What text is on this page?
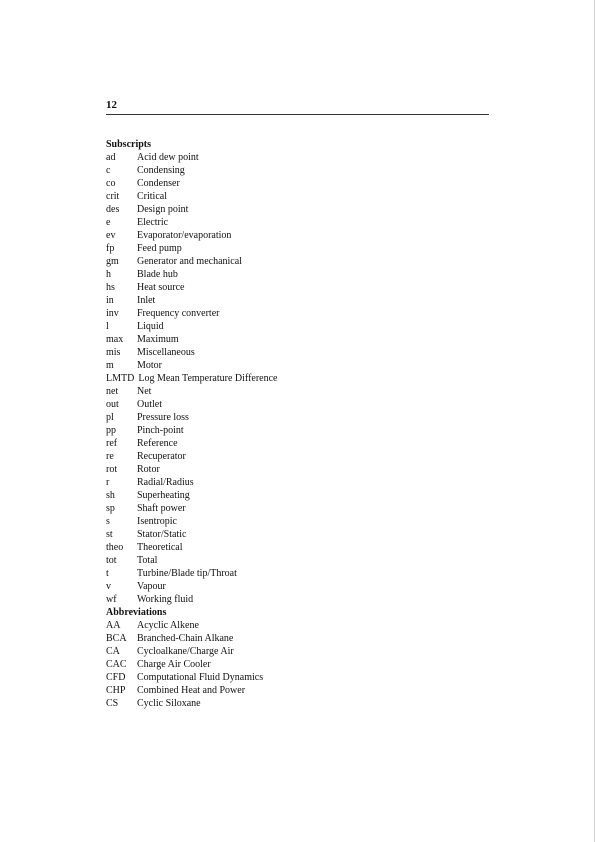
12
Subscripts
ad Acid dew point
c	Condensing
co Condenser
crit Critical
des Design point
e	Electric
ev Evaporator/evaporation
fp Feed pump
gm Generator and mechanical
h	Blade hub
hs Heat source
in Inlet
inv Frequency converter
l	Liquid
max Maximum
mis Miscellaneous
m Motor
LMTD Log Mean Temperature Difference
net Net
out Outlet
pl Pressure loss
pp Pinch-point
ref Reference
re Recuperator
rot Rotor
r	Radial/Radius
sh Superheating
sp Shaft power
s	Isentropic
st Stator/Static
theo Theoretical
tot Total
t	Turbine/Blade tip/Throat
v	Vapour
wf Working fluid
Abbreviations
AA Acyclic Alkene
BCA Branched-Chain Alkane
CA Cycloalkane/Charge Air
CAC Charge Air Cooler
CFD Computational Fluid Dynamics
CHP Combined Heat and Power
CS Cyclic Siloxane
